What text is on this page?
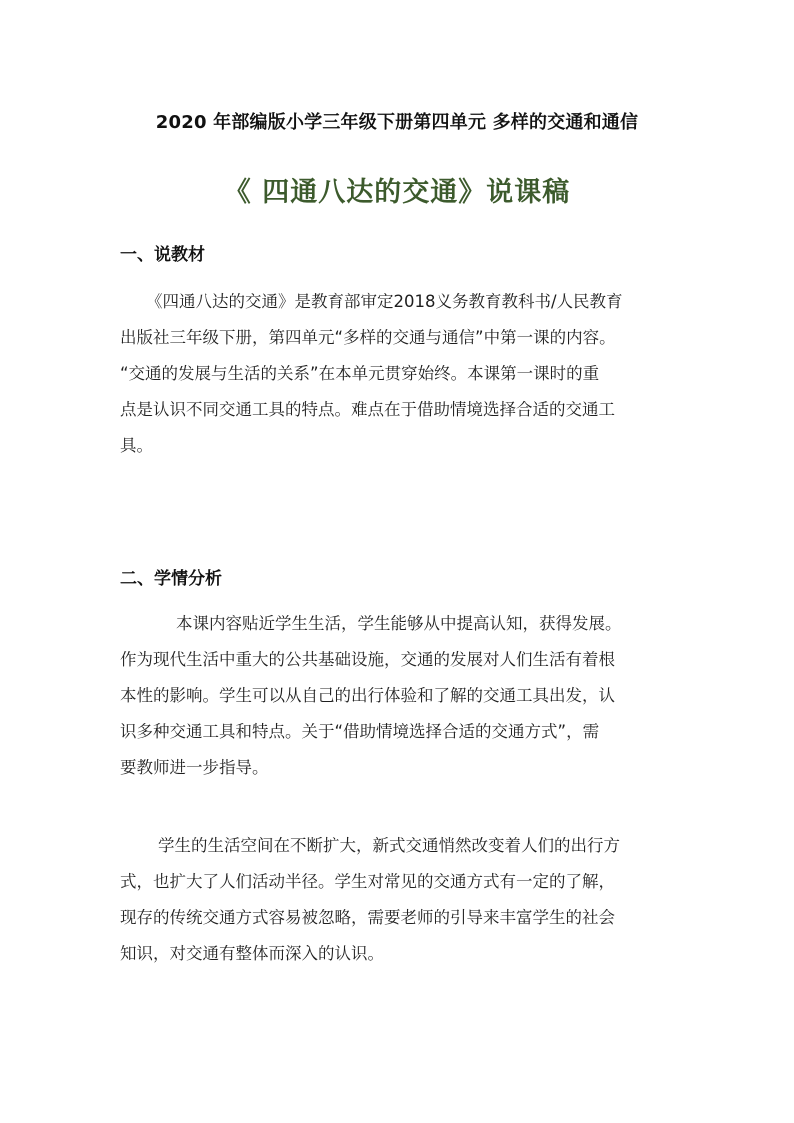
2020 年部编版小学三年级下册第四单元 多样的交通和通信
《 四通八达的交通》说课稿
一、说教材
《四通八达的交通》是教育部审定2018义务教育教科书/人民教育
出版社三年级下册，第四单元“多样的交通与通信”中第一课的内容。
“交通的发展与生活的关系”在本单元贯穿始终。本课第一课时的重
点是认识不同交通工具的特点。难点在于借助情境选择合适的交通工
具。
二、学情分析
本课内容贴近学生生活，学生能够从中提高认知，获得发展。
作为现代生活中重大的公共基础设施，交通的发展对人们生活有着根
本性的影响。学生可以从自己的出行体验和了解的交通工具出发，认
识多种交通工具和特点。关于“借助情境选择合适的交通方式”，需
要教师进一步指导。
学生的生活空间在不断扩大，新式交通悄然改变着人们的出行方
式，也扩大了人们活动半径。学生对常见的交通方式有一定的了解，
现存的传统交通方式容易被忽略，需要老师的引导来丰富学生的社会
知识，对交通有整体而深入的认识。
